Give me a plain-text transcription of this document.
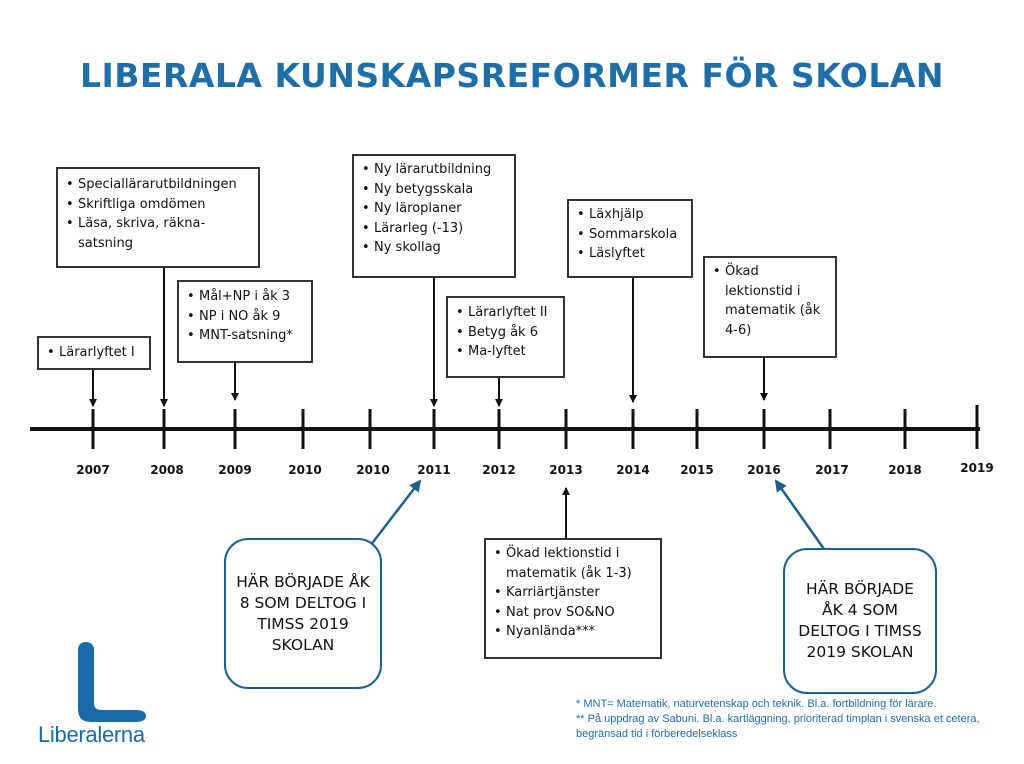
LIBERALA KUNSKAPSREFORMER FÖR SKOLAN
2007	2008	2009	2010	2010	2011	2012	2013	2014	2015	2016	2017	2018	2019
• Lärarlyftet I
• Speciallärarutbildningen
• Skriftliga omdömen
• Läsa, skriva, räkna-satsning
• Mål+NP i åk 3
• NP i NO åk 9
• MNT-satsning*
• Ny lärarutbildning
• Ny betygsskala
• Ny läroplaner
• Lärarleg (-13)
• Ny skollag
• Lärarlyftet II
• Betyg åk 6
• Ma-lyftet
• Läxhjälp
• Sommarskola
• Läslyftet
• Ökad lektionstid i matematik (åk 4-6)
• Ökad lektionstid i matematik (åk 1-3)
• Karriärtjänster
• Nat prov SO&NO
• Nyanlända***
HÄR BÖRJADE ÅK 8 SOM DELTOG I TIMSS 2019 SKOLAN
HÄR BÖRJADE ÅK 4 SOM DELTOG I TIMSS 2019 SKOLAN
Liberalerna
* MNT= Matematik, naturvetenskap och teknik. Bl.a. fortbildning för lärare.
** På uppdrag av Sabuni. Bl.a. kartläggning, prioriterad timplan i svenska et cetera, begränsad tid i förberedelseklass
